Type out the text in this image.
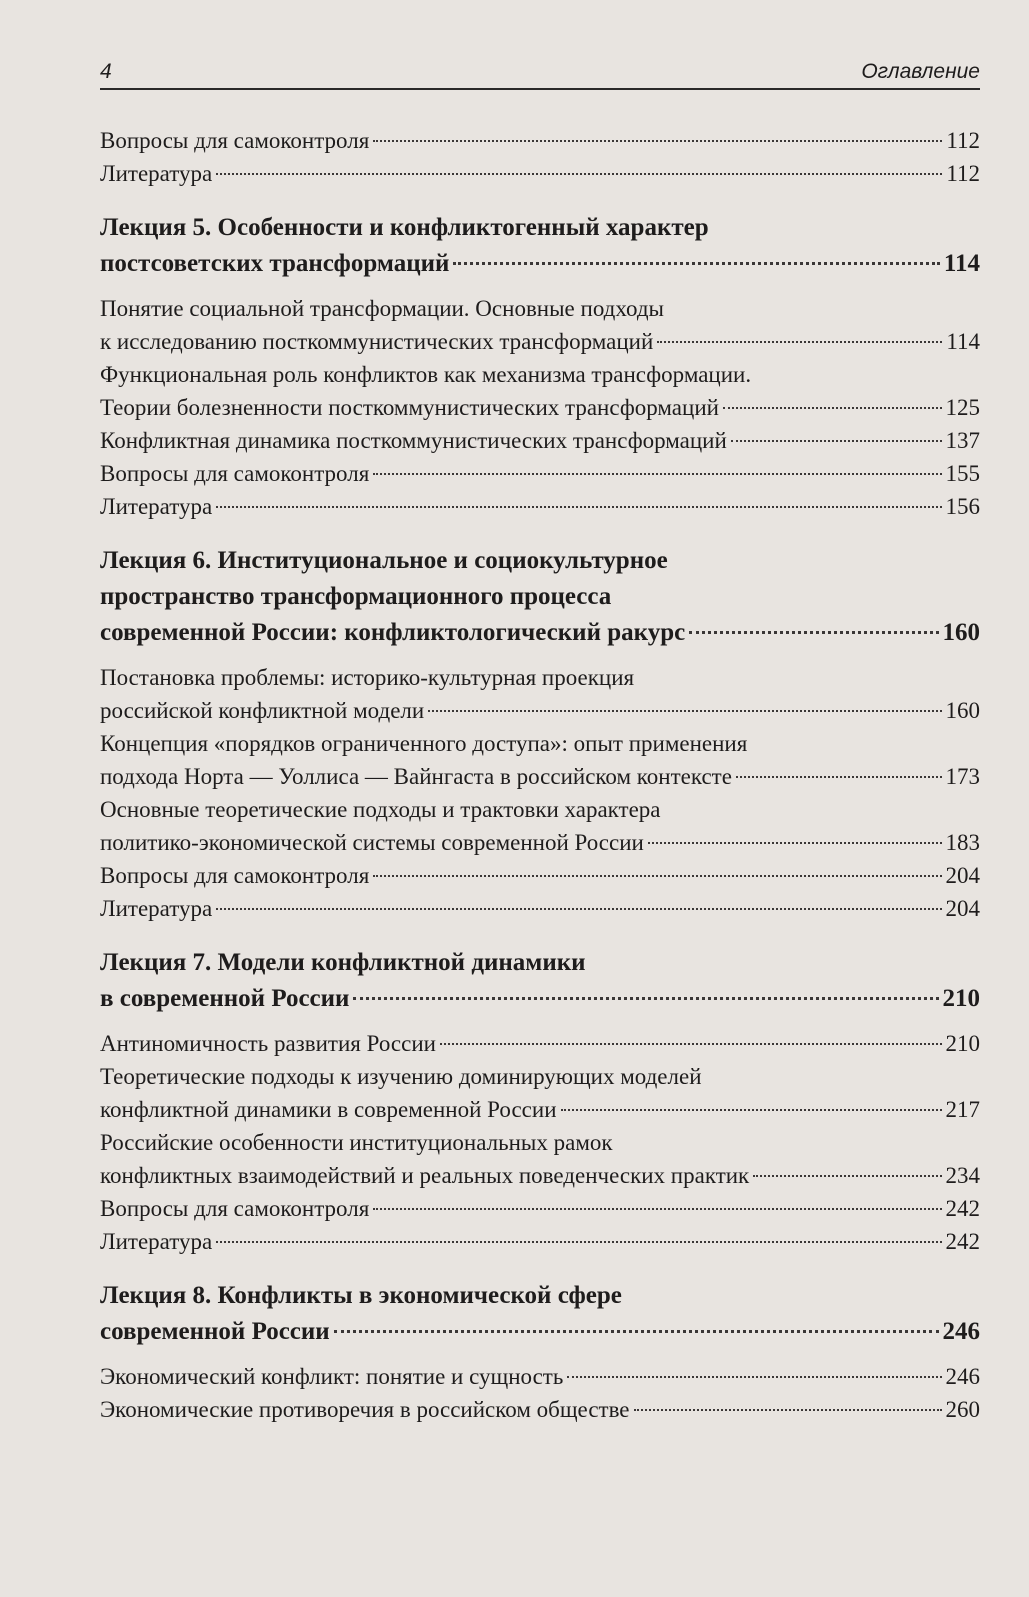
4	Оглавление
Вопросы для самоконтроля	112
Литература	112
Лекция 5. Особенности и конфликтогенный характер
постсоветских трансформаций	114
Понятие социальной трансформации. Основные подходы
к исследованию посткоммунистических трансформаций	114
Функциональная роль конфликтов как механизма трансформации.
Теории болезненности посткоммунистических трансформаций	125
Конфликтная динамика посткоммунистических трансформаций	137
Вопросы для самоконтроля	155
Литература	156
Лекция 6. Институциональное и социокультурное
пространство трансформационного процесса
современной России: конфликтологический ракурс	160
Постановка проблемы: историко-культурная проекция
российской конфликтной модели	160
Концепция «порядков ограниченного доступа»: опыт применения
подхода Норта — Уоллиса — Вайнгаста в российском контексте	173
Основные теоретические подходы и трактовки характера
политико-экономической системы современной России	183
Вопросы для самоконтроля	204
Литература	204
Лекция 7. Модели конфликтной динамики
в современной России	210
Антиномичность развития России	210
Теоретические подходы к изучению доминирующих моделей
конфликтной динамики в современной России	217
Российские особенности институциональных рамок
конфликтных взаимодействий и реальных поведенческих практик	234
Вопросы для самоконтроля	242
Литература	242
Лекция 8. Конфликты в экономической сфере
современной России	246
Экономический конфликт: понятие и сущность	246
Экономические противоречия в российском обществе	260
